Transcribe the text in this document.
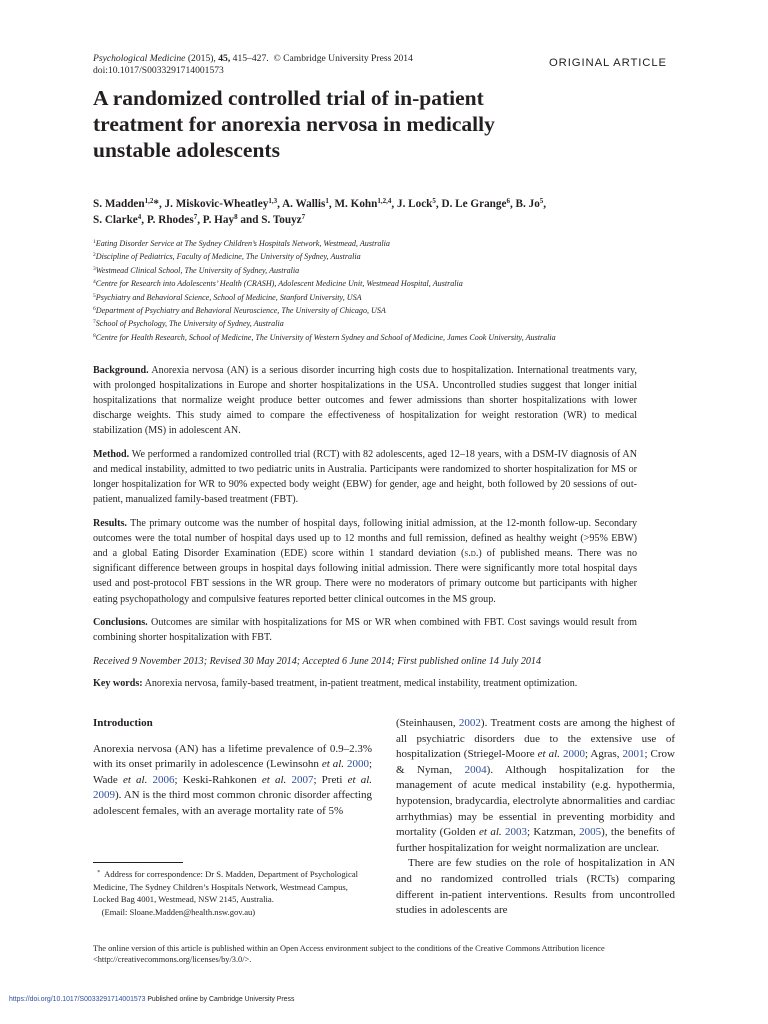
Psychological Medicine (2015), 45, 415–427. © Cambridge University Press 2014
doi:10.1017/S0033291714001573
ORIGINAL ARTICLE
A randomized controlled trial of in-patient treatment for anorexia nervosa in medically unstable adolescents
S. Madden$^{1,2}$*, J. Miskovic-Wheatley$^{1,3}$, A. Wallis$^1$, M. Kohn$^{1,2,4}$, J. Lock$^5$, D. Le Grange$^6$, B. Jo$^5$,
S. Clarke$^4$, P. Rhodes$^7$, P. Hay$^8$ and S. Touyz$^7$
$^1$Eating Disorder Service at The Sydney Children’s Hospitals Network, Westmead, Australia
$^2$Discipline of Pediatrics, Faculty of Medicine, The University of Sydney, Australia
$^3$Westmead Clinical School, The University of Sydney, Australia
$^4$Centre for Research into Adolescents’ Health (CRASH), Adolescent Medicine Unit, Westmead Hospital, Australia
$^5$Psychiatry and Behavioral Science, School of Medicine, Stanford University, USA
$^6$Department of Psychiatry and Behavioral Neuroscience, The University of Chicago, USA
$^7$School of Psychology, The University of Sydney, Australia
$^8$Centre for Health Research, School of Medicine, The University of Western Sydney and School of Medicine, James Cook University, Australia

Background. Anorexia nervosa (AN) is a serious disorder incurring high costs due to hospitalization. International treatments vary, with prolonged hospitalizations in Europe and shorter hospitalizations in the USA. Uncontrolled studies suggest that longer initial hospitalizations that normalize weight produce better outcomes and fewer admissions than shorter hospitalizations with lower discharge weights. This study aimed to compare the effectiveness of hospitalization for weight restoration (WR) to medical stabilization (MS) in adolescent AN.

Method. We performed a randomized controlled trial (RCT) with 82 adolescents, aged 12–18 years, with a DSM-IV diagnosis of AN and medical instability, admitted to two pediatric units in Australia. Participants were randomized to shorter hospitalization for MS or longer hospitalization for WR to 90% expected body weight (EBW) for gender, age and height, both followed by 20 sessions of out-patient, manualized family-based treatment (FBT).

Results. The primary outcome was the number of hospital days, following initial admission, at the 12-month follow-up. Secondary outcomes were the total number of hospital days used up to 12 months and full remission, defined as healthy weight (>95% EBW) and a global Eating Disorder Examination (EDE) score within 1 standard deviation (s.d.) of published means. There was no significant difference between groups in hospital days following initial admission. There were significantly more total hospital days used and post-protocol FBT sessions in the WR group. There were no moderators of primary outcome but participants with higher eating psychopathology and compulsive features reported better clinical outcomes in the MS group.

Conclusions. Outcomes are similar with hospitalizations for MS or WR when combined with FBT. Cost savings would result from combining shorter hospitalization with FBT.

Received 9 November 2013; Revised 30 May 2014; Accepted 6 June 2014; First published online 14 July 2014
Key words: Anorexia nervosa, family-based treatment, in-patient treatment, medical instability, treatment optimization.
Introduction

Anorexia nervosa (AN) has a lifetime prevalence of 0.9–2.3% with its onset primarily in adolescence (Lewinsohn et al. 2000; Wade et al. 2006; Keski-Rahkonen et al. 2007; Preti et al. 2009). AN is the third most common chronic disorder affecting adolescent females, with an average mortality rate of 5%

(Steinhausen, 2002). Treatment costs are among the highest of all psychiatric disorders due to the extensive use of hospitalization (Striegel-Moore et al. 2000; Agras, 2001; Crow & Nyman, 2004). Although hospitalization for the management of acute medical instability (e.g. hypothermia, hypotension, bradycardia, electrolyte abnormalities and cardiac arrhythmias) may be essential in preventing morbidity and mortality (Golden et al. 2003; Katzman, 2005), the benefits of further hospitalization for weight normalization are unclear.

There are few studies on the role of hospitalization in AN and no randomized controlled trials (RCTs) comparing different in-patient interventions. Results from uncontrolled studies in adolescents are

* Address for correspondence: Dr S. Madden, Department of Psychological Medicine, The Sydney Children’s Hospitals Network, Westmead Campus, Locked Bag 4001, Westmead, NSW 2145, Australia.
(Email: Sloane.Madden@health.nsw.gov.au)
The online version of this article is published within an Open Access environment subject to the conditions of the Creative Commons Attribution licence <http://creativecommons.org/licenses/by/3.0/>.
https://doi.org/10.1017/S0033291714001573 Published online by Cambridge University Press
